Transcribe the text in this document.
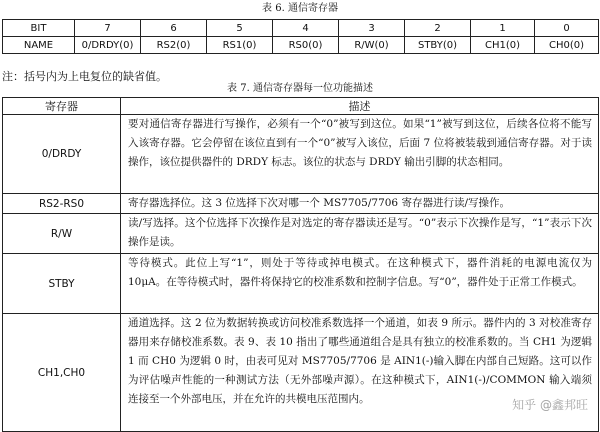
表 6. 通信寄存器
BIT	7	6	5	4	3	2	1	0
NAME	0/DRDY(0)	RS2(0)	RS1(0)	RS0(0)	R/W(0)	STBY(0)	CH1(0)	CH0(0)
注：括号内为上电复位的缺省值。
表 7. 通信寄存器每一位功能描述
寄存器	描述
0/DRDY	要对通信寄存器进行写操作，必须有一个“0”被写到这位。如果“1”被写到这位，后续各位将不能写入该寄存器。它会停留在该位直到有一个“0”被写入该位，后面 7 位将被装载到通信寄存器。对于读操作，该位提供器件的 DRDY 标志。该位的状态与 DRDY 输出引脚的状态相同。
RS2-RS0	寄存器选择位。这 3 位选择下次对哪一个 MS7705/7706 寄存器进行读/写操作。
R/W	读/写选择。这个位选择下次操作是对选定的寄存器读还是写。“0”表示下次操作是写，“1”表示下次操作是读。
STBY	等待模式。此位上写“1”，则处于等待或掉电模式。在这种模式下，器件消耗的电源电流仅为 10μA。在等待模式时，器件将保持它的校准系数和控制字信息。写“0”，器件处于正常工作模式。
CH1,CH0	通道选择。这 2 位为数据转换或访问校准系数选择一个通道，如表 9 所示。器件内的 3 对校准寄存器用来存储校准系数。表 9、表 10 指出了哪些通道组合是具有独立的校准系数的。当 CH1 为逻辑 1 而 CH0 为逻辑 0 时，由表可见对 MS7705/7706 是 AIN1(-)输入脚在内部自己短路。这可以作为评估噪声性能的一种测试方法（无外部噪声源）。在这种模式下，AIN1(-)/COMMON 输入端须连接至一个外部电压，并在允许的共模电压范围内。	知乎 @鑫邦旺
